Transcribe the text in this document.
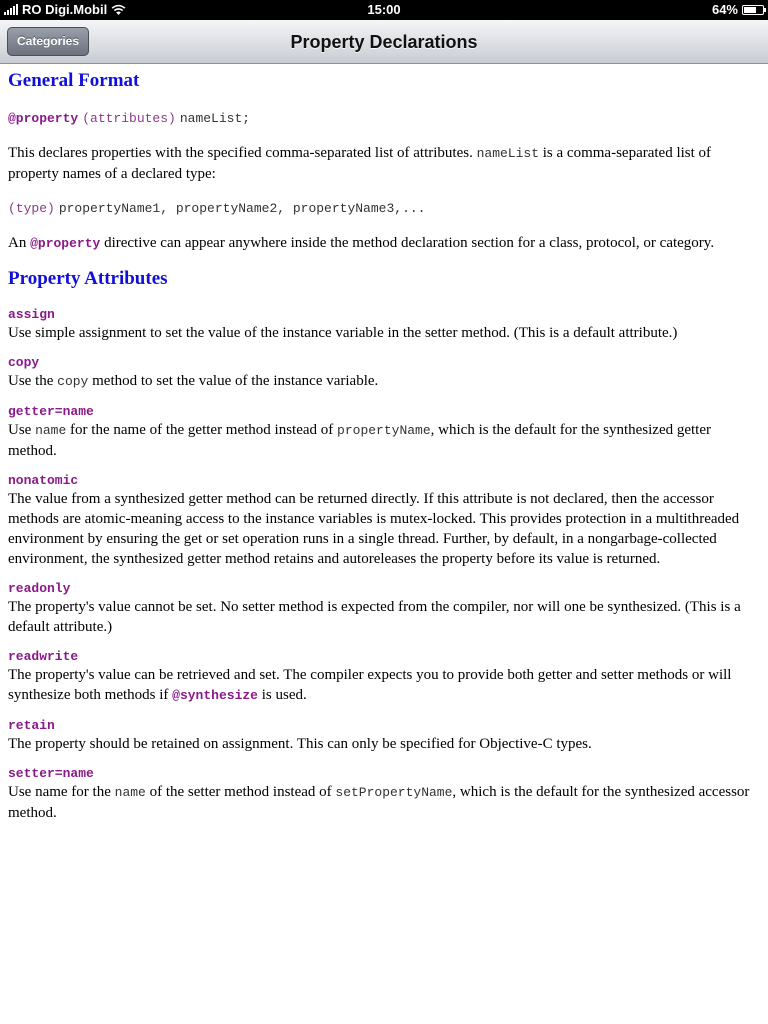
RO Digi.Mobil	15:00	64%
Categories	Property Declarations
General Format
@property (attributes) nameList;

This declares properties with the specified comma-separated list of attributes. nameList is a comma-separated list of property names of a declared type:

(type) propertyName1, propertyName2, propertyName3,...

An @property directive can appear anywhere inside the method declaration section for a class, protocol, or category.

Property Attributes
assign
Use simple assignment to set the value of the instance variable in the setter method. (This is a default attribute.)
copy
Use the copy method to set the value of the instance variable.
getter=name
Use name for the name of the getter method instead of propertyName, which is the default for the synthesized getter method.
nonatomic
The value from a synthesized getter method can be returned directly. If this attribute is not declared, then the accessor methods are atomic-meaning access to the instance variables is mutex-locked. This provides protection in a multithreaded environment by ensuring the get or set operation runs in a single thread. Further, by default, in a nongarbage-collected environment, the synthesized getter method retains and autoreleases the property before its value is returned.
readonly
The property's value cannot be set. No setter method is expected from the compiler, nor will one be synthesized. (This is a default attribute.)
readwrite
The property's value can be retrieved and set. The compiler expects you to provide both getter and setter methods or will synthesize both methods if @synthesize is used.
retain
The property should be retained on assignment. This can only be specified for Objective-C types.
setter=name
Use name for the name of the setter method instead of setPropertyName, which is the default for the synthesized accessor method.
